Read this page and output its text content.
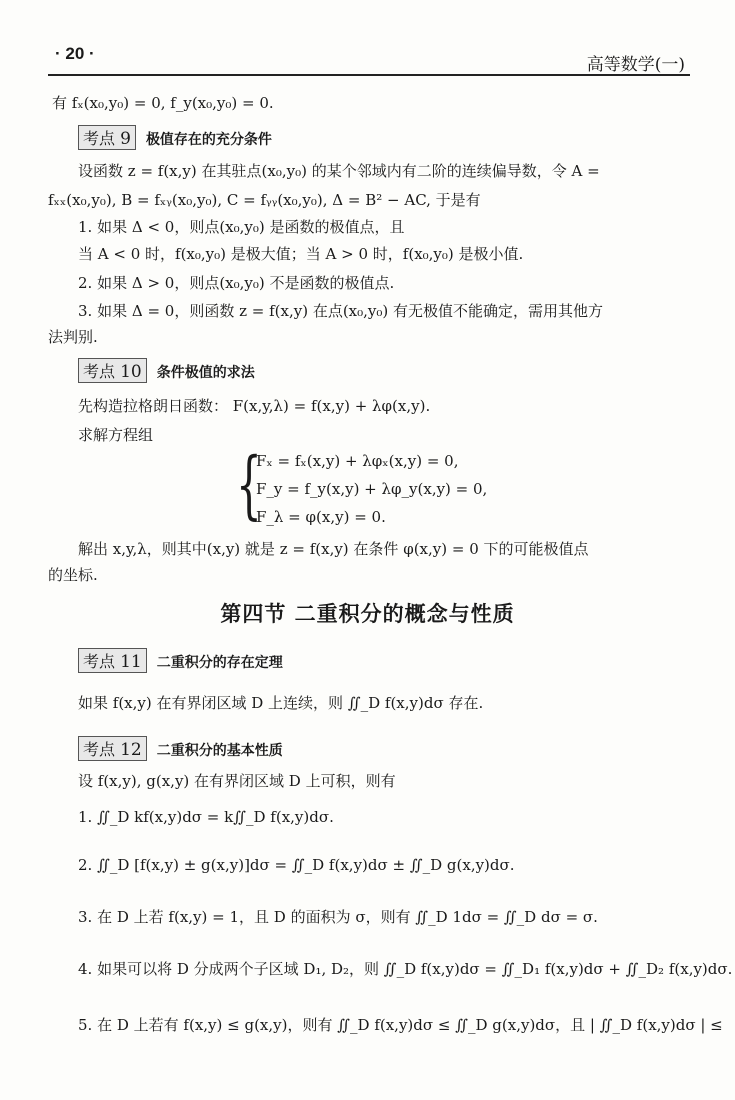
· 20 ·
高等数学(一)
有 fₓ(x₀,y₀) = 0, f_y(x₀,y₀) = 0.
考点 9 极值存在的充分条件
设函数 z = f(x,y) 在其驻点(x₀,y₀) 的某个邻域内有二阶的连续偏导数，令 A =
fₓₓ(x₀,y₀), B = fₓᵧ(x₀,y₀), C = fᵧᵧ(x₀,y₀), Δ = B² − AC, 于是有
1. 如果 Δ < 0，则点(x₀,y₀) 是函数的极值点，且
当 A < 0 时，f(x₀,y₀) 是极大值；当 A > 0 时，f(x₀,y₀) 是极小值.
2. 如果 Δ > 0，则点(x₀,y₀) 不是函数的极值点.
3. 如果 Δ = 0，则函数 z = f(x,y) 在点(x₀,y₀) 有无极值不能确定，需用其他方
法判别.
考点 10 条件极值的求法
先构造拉格朗日函数： F(x,y,λ) = f(x,y) + λφ(x,y).
求解方程组
{
Fₓ = fₓ(x,y) + λφₓ(x,y) = 0,
F_y = f_y(x,y) + λφ_y(x,y) = 0,
F_λ = φ(x,y) = 0.
解出 x,y,λ，则其中(x,y) 就是 z = f(x,y) 在条件 φ(x,y) = 0 下的可能极值点
的坐标.
第四节 二重积分的概念与性质
考点 11 二重积分的存在定理
如果 f(x,y) 在有界闭区域 D 上连续，则 ∬_D f(x,y)dσ 存在.
考点 12 二重积分的基本性质
设 f(x,y), g(x,y) 在有界闭区域 D 上可积，则有
1. ∬_D kf(x,y)dσ = k∬_D f(x,y)dσ.
2. ∬_D [f(x,y) ± g(x,y)]dσ = ∬_D f(x,y)dσ ± ∬_D g(x,y)dσ.
3. 在 D 上若 f(x,y) = 1，且 D 的面积为 σ，则有 ∬_D 1dσ = ∬_D dσ = σ.
4. 如果可以将 D 分成两个子区域 D₁, D₂，则 ∬_D f(x,y)dσ = ∬_D₁ f(x,y)dσ + ∬_D₂ f(x,y)dσ.
5. 在 D 上若有 f(x,y) ≤ g(x,y)，则有 ∬_D f(x,y)dσ ≤ ∬_D g(x,y)dσ，且 | ∬_D f(x,y)dσ | ≤
